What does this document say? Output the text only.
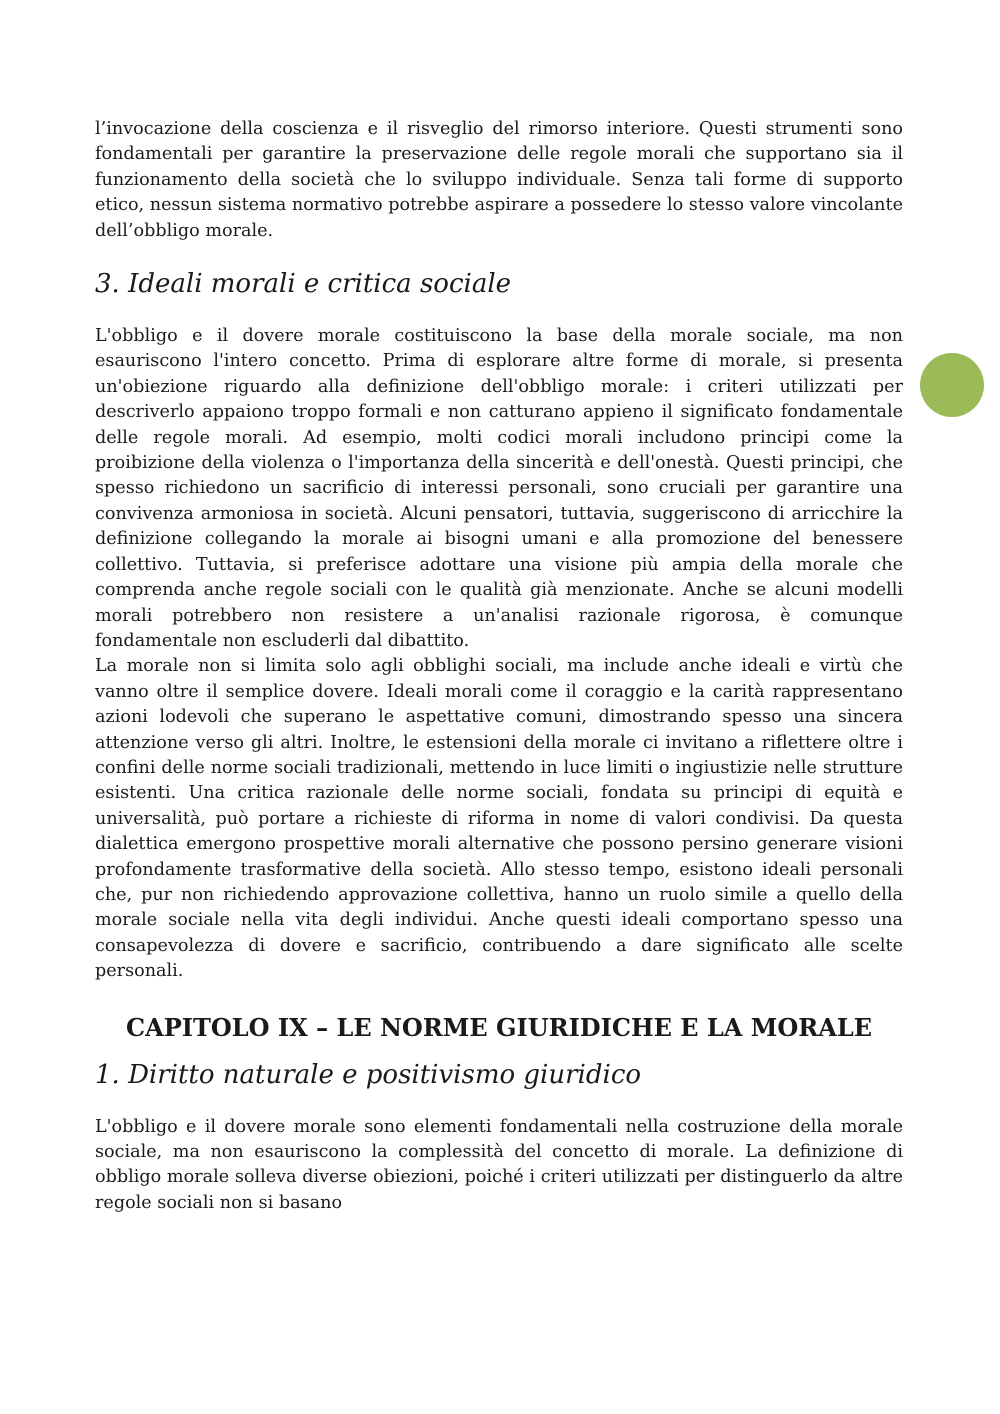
l’invocazione della coscienza e il risveglio del rimorso interiore. Questi strumenti sono fondamentali per garantire la preservazione delle regole morali che supportano sia il funzionamento della società che lo sviluppo individuale. Senza tali forme di supporto etico, nessun sistema normativo potrebbe aspirare a possedere lo stesso valore vincolante dell’obbligo morale.

3. Ideali morali e critica sociale

L'obbligo e il dovere morale costituiscono la base della morale sociale, ma non esauriscono l'intero concetto. Prima di esplorare altre forme di morale, si presenta un'obiezione riguardo alla definizione dell'obbligo morale: i criteri utilizzati per descriverlo appaiono troppo formali e non catturano appieno il significato fondamentale delle regole morali. Ad esempio, molti codici morali includono principi come la proibizione della violenza o l'importanza della sincerità e dell'onestà. Questi principi, che spesso richiedono un sacrificio di interessi personali, sono cruciali per garantire una convivenza armoniosa in società. Alcuni pensatori, tuttavia, suggeriscono di arricchire la definizione collegando la morale ai bisogni umani e alla promozione del benessere collettivo. Tuttavia, si preferisce adottare una visione più ampia della morale che comprenda anche regole sociali con le qualità già menzionate. Anche se alcuni modelli morali potrebbero non resistere a un'analisi razionale rigorosa, è comunque fondamentale non escluderli dal dibattito.

La morale non si limita solo agli obblighi sociali, ma include anche ideali e virtù che vanno oltre il semplice dovere. Ideali morali come il coraggio e la carità rappresentano azioni lodevoli che superano le aspettative comuni, dimostrando spesso una sincera attenzione verso gli altri. Inoltre, le estensioni della morale ci invitano a riflettere oltre i confini delle norme sociali tradizionali, mettendo in luce limiti o ingiustizie nelle strutture esistenti. Una critica razionale delle norme sociali, fondata su principi di equità e universalità, può portare a richieste di riforma in nome di valori condivisi. Da questa dialettica emergono prospettive morali alternative che possono persino generare visioni profondamente trasformative della società. Allo stesso tempo, esistono ideali personali che, pur non richiedendo approvazione collettiva, hanno un ruolo simile a quello della morale sociale nella vita degli individui. Anche questi ideali comportano spesso una consapevolezza di dovere e sacrificio, contribuendo a dare significato alle scelte personali.

CAPITOLO IX – LE NORME GIURIDICHE E LA MORALE
1. Diritto naturale e positivismo giuridico

L'obbligo e il dovere morale sono elementi fondamentali nella costruzione della morale sociale, ma non esauriscono la complessità del concetto di morale. La definizione di obbligo morale solleva diverse obiezioni, poiché i criteri utilizzati per distinguerlo da altre regole sociali non si basano
